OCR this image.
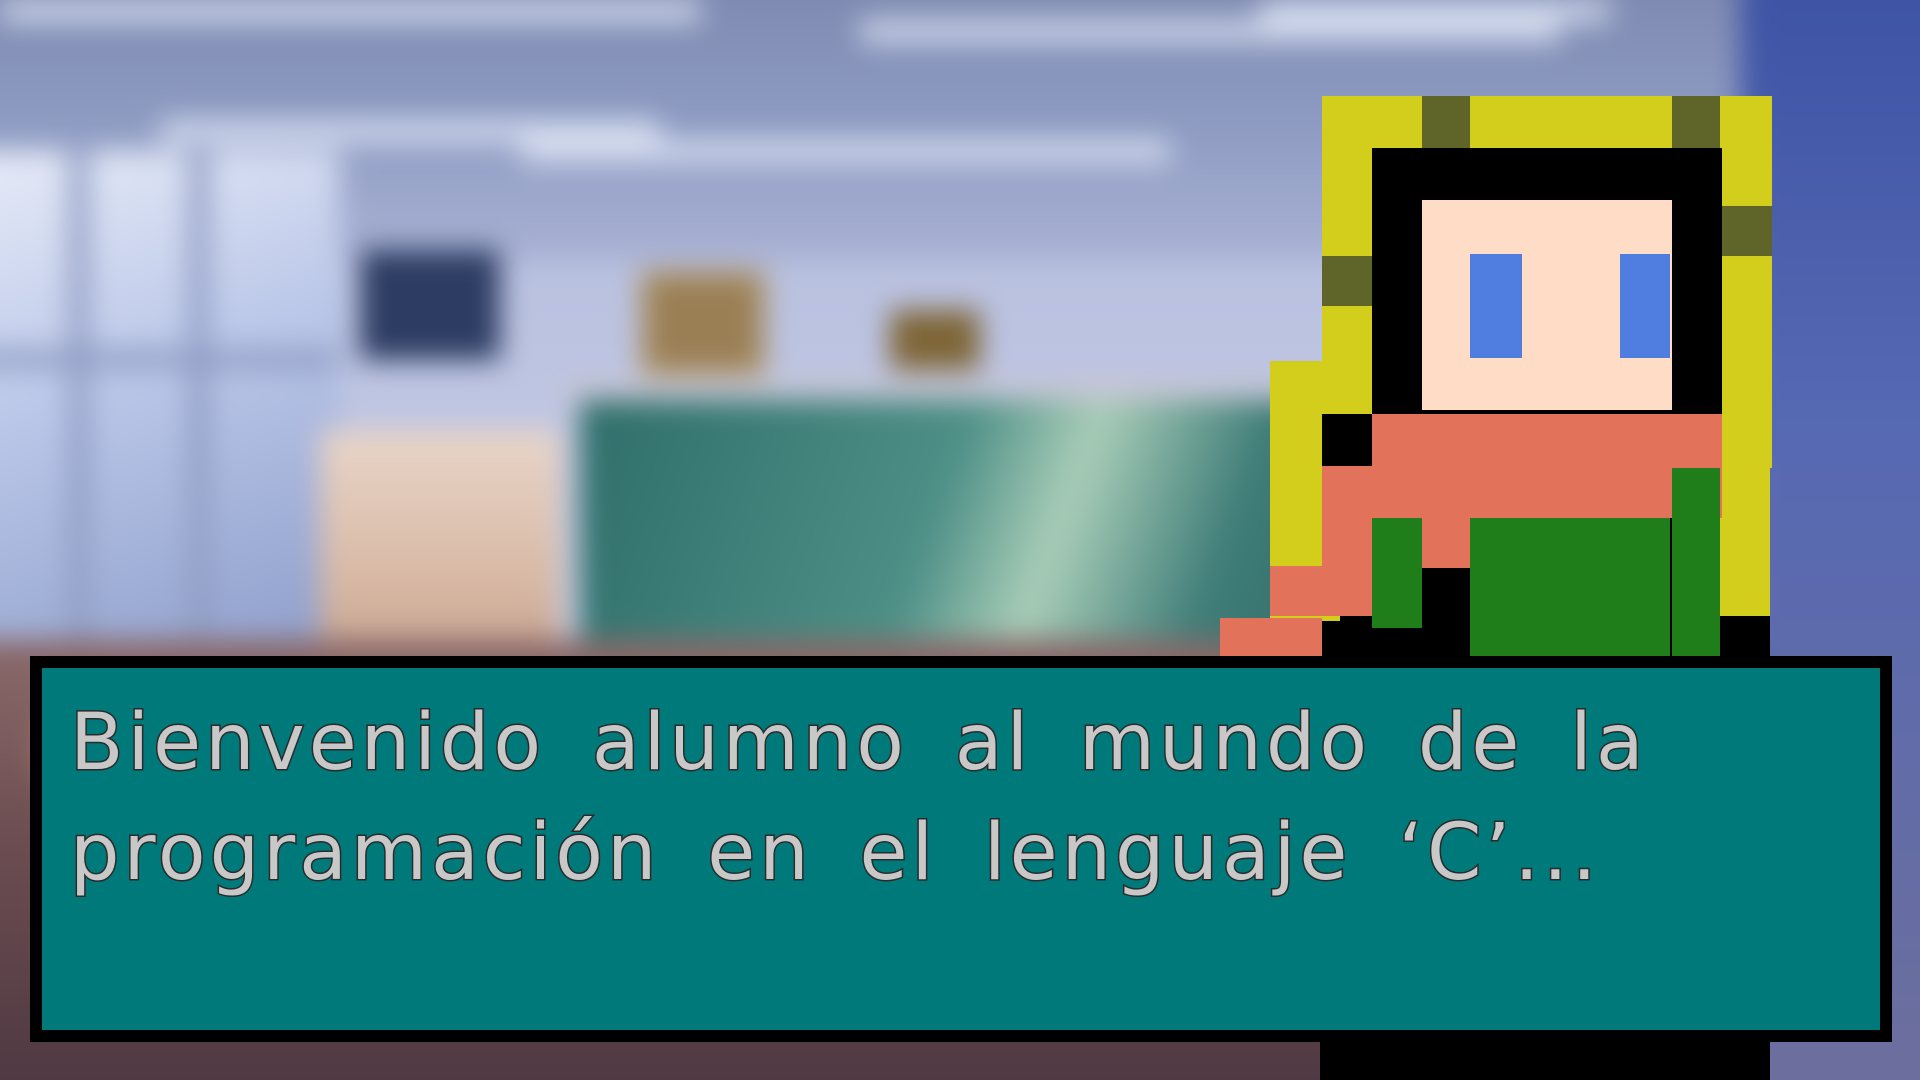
Bienvenido alumno al mundo de la
programación en el lenguaje ‘C’...
